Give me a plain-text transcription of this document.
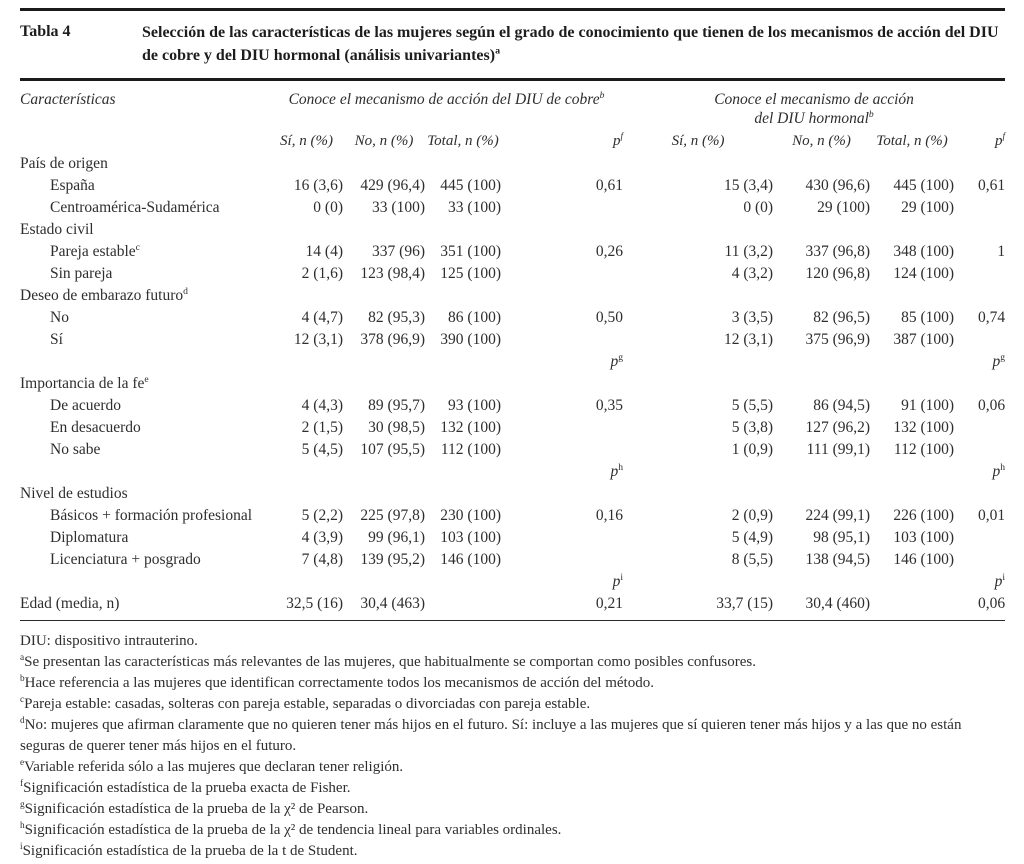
Tabla 4	Selección de las características de las mujeres según el grado de conocimiento que tienen de los mecanismos de acción del DIU de cobre y del DIU hormonal (análisis univariantes)$^a$
Características	Conoce el mecanismo de acción del DIU de cobre$^b$				Conoce el mecanismo de acción
del DIU hormonal$^b$
	Sí, n (%)	No, n (%)	Total, n (%)	$p^f$	Sí, n (%)	No, n (%)	Total, n (%)	$p^f$
País de origen								
España	16 (3,6)	429 (96,4)	445 (100)	0,61	15 (3,4)	430 (96,6)	445 (100)	0,61
Centroamérica-Sudamérica	0 (0)	33 (100)	33 (100)		0 (0)	29 (100)	29 (100)	
Estado civil								
Pareja estable$^c$	14 (4)	337 (96)	351 (100)	0,26	11 (3,2)	337 (96,8)	348 (100)	1
Sin pareja	2 (1,6)	123 (98,4)	125 (100)		4 (3,2)	120 (96,8)	124 (100)	
Deseo de embarazo futuro$^d$
No	4 (4,7)	82 (95,3)	86 (100)	0,50	3 (3,5)	82 (96,5)	85 (100)	0,74
Sí	12 (3,1)	378 (96,9)	390 (100)		12 (3,1)	375 (96,9)	387 (100)	
$p^g$					$p^g$
Importancia de la $fe^e$
De acuerdo	4 (4,3)	89 (95,7)	93 (100)	0,35	5 (5,5)	86 (94,5)	91 (100)	0,06
En desacuerdo	2 (1,5)	30 (98,5)	132 (100)		5 (3,8)	127 (96,2)	132 (100)	
No sabe	5 (4,5)	107 (95,5)	112 (100)		1 (0,9)	111 (99,1)	112 (100)	
$p^h$					$p^h$
Nivel de estudios								
Básicos + formación profesional	5 (2,2)	225 (97,8)	230 (100)	0,16	2 (0,9)	224 (99,1)	226 (100)	0,01
Diplomatura	4 (3,9)	99 (96,1)	103 (100)		5 (4,9)	98 (95,1)	103 (100)	
Licenciatura + posgrado	7 (4,8)	139 (95,2)	146 (100)		8 (5,5)	138 (94,5)	146 (100)	
$p^i$					$p^i$
Edad (media, n)	32,5 (16)	30,4 (463)		0,21	33,7 (15)	30,4 (460)		0,06
DIU: dispositivo intrauterino.
$^a$Se presentan las características más relevantes de las mujeres, que habitualmente se comportan como posibles confusores.
$^b$Hace referencia a las mujeres que identifican correctamente todos los mecanismos de acción del método.
$^c$Pareja estable: casadas, solteras con pareja estable, separadas o divorciadas con pareja estable.
$^d$No: mujeres que afirman claramente que no quieren tener más hijos en el futuro. Sí: incluye a las mujeres que sí quieren tener más hijos y a las que no están seguras de querer tener más hijos en el futuro.
$^e$Variable referida sólo a las mujeres que declaran tener religión.
$^f$Significación estadística de la prueba exacta de Fisher.
$^g$Significación estadística de la prueba de la χ² de Pearson.
$^h$Significación estadística de la prueba de la χ² de tendencia lineal para variables ordinales.
$^i$Significación estadística de la prueba de la t de Student.
